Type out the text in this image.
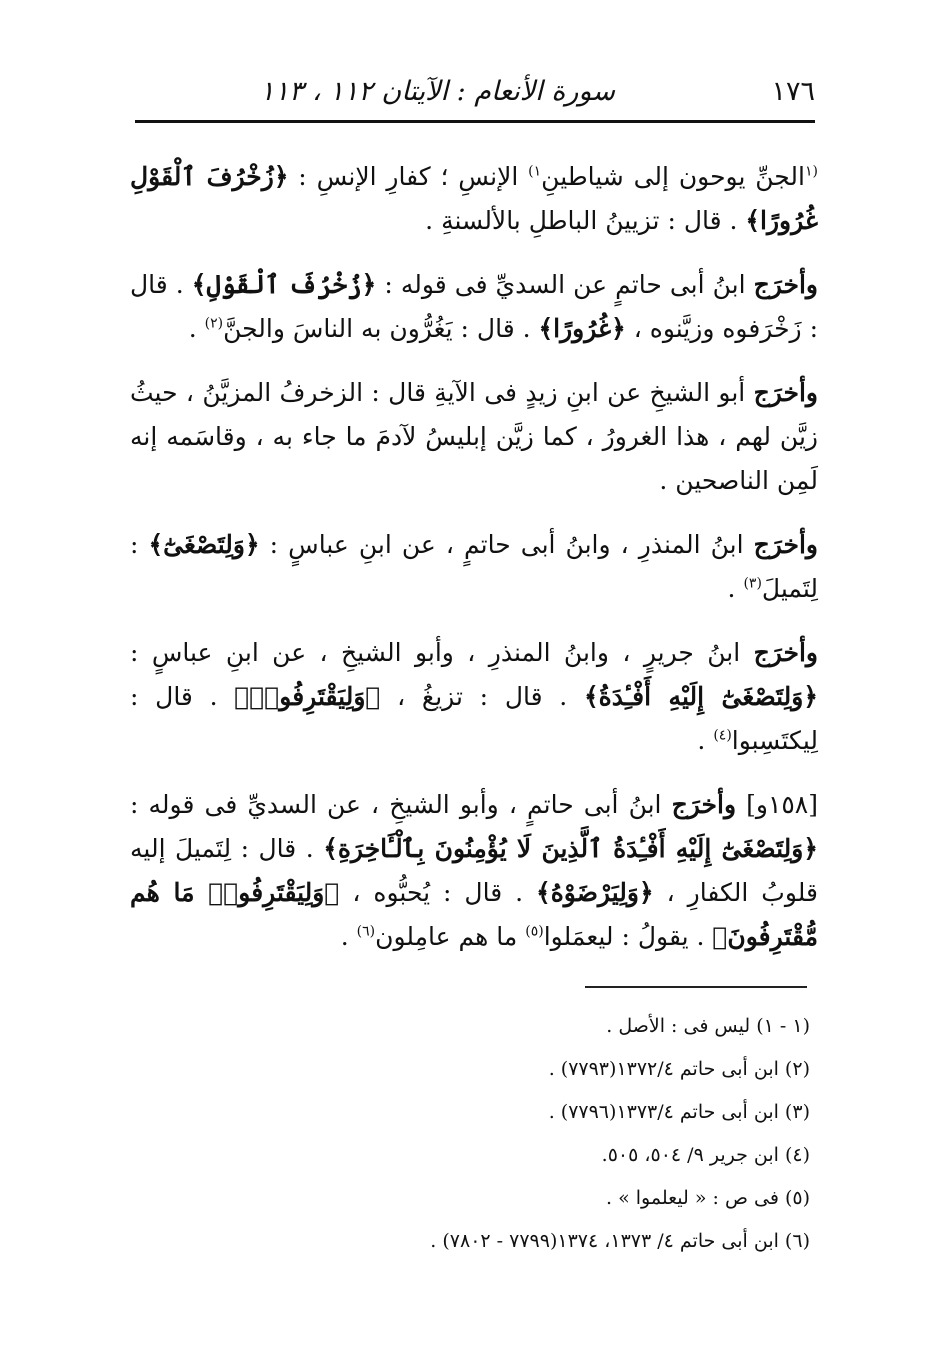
١٧٦
سورة الأنعام : الآيتان ١١٢ ، ١١٣

$^{(١}$الجنِّ يوحون إلى شياطينِ$^{١)}$ الإنسِ ؛ كفارِ الإنسِ : ﴿زُخْرُفَ ٱلْقَوْلِ غُرُورًا﴾ . قال : تزيينُ الباطلِ بالألسنةِ .

وأخرَج ابنُ أبى حاتمٍ عن السديِّ فى قوله : ﴿زُخْرُفَ ٱلْقَوْلِ﴾ . قال : زَخْرَفوه وزيَّنوه ، ﴿غُرُورًا﴾ . قال : يَغُرُّون به الناسَ والجنَّ$^{(٢)}$ .

وأخرَج أبو الشيخِ عن ابنِ زيدٍ فى الآيةِ قال : الزخرفُ المزيَّنُ ، حيثُ زيَّن لهم ، هذا الغرورُ ، كما زيَّن إبليسُ لآدمَ ما جاء به ، وقاسَمه إنه لَمِن الناصحين .

وأخرَج ابنُ المنذرِ ، وابنُ أبى حاتمٍ ، عن ابنِ عباسٍ : ﴿وَلِتَصْغَىٰٓ﴾ : لِتَميلَ$^{(٣)}$ .

وأخرَج ابنُ جريرٍ ، وابنُ المنذرِ ، وأبو الشيخِ ، عن ابنِ عباسٍ : ﴿وَلِتَصْغَىٰٓ إِلَيْهِ أَفْـِٔدَةُ﴾ . قال : تزيغُ ، ﴿وَلِيَقْتَرِفُوا۟﴾ . قال : لِيكتَسِبوا$^{(٤)}$ .

[١٥٨و] وأخرَج ابنُ أبى حاتمٍ ، وأبو الشيخِ ، عن السديِّ فى قوله : ﴿وَلِتَصْغَىٰٓ إِلَيْهِ أَفْـِٔدَةُ ٱلَّذِينَ لَا يُؤْمِنُونَ بِٱلْـَٔاخِرَةِ﴾ . قال : لِتَميلَ إليه قلوبُ الكفارِ ، ﴿وَلِيَرْضَوْهُ﴾ . قال : يُحبُّوه ، ﴿وَلِيَقْتَرِفُوا۟ مَا هُم مُّقْتَرِفُونَ﴾ . يقولُ : ليعمَلوا$^{(٥)}$ ما هم عامِلون$^{(٦)}$ .

(١ - ١) ليس فى : الأصل .

(٢) ابن أبى حاتم ١٣٧٢/٤(٧٧٩٣) .

(٣) ابن أبى حاتم ١٣٧٣/٤(٧٧٩٦) .

(٤) ابن جرير ٩/ ٥٠٤، ٥٠٥.

(٥) فى ص : « ليعلموا » .

(٦) ابن أبى حاتم ٤/ ١٣٧٣، ١٣٧٤(٧٧٩٩ - ٧٨٠٢) .
